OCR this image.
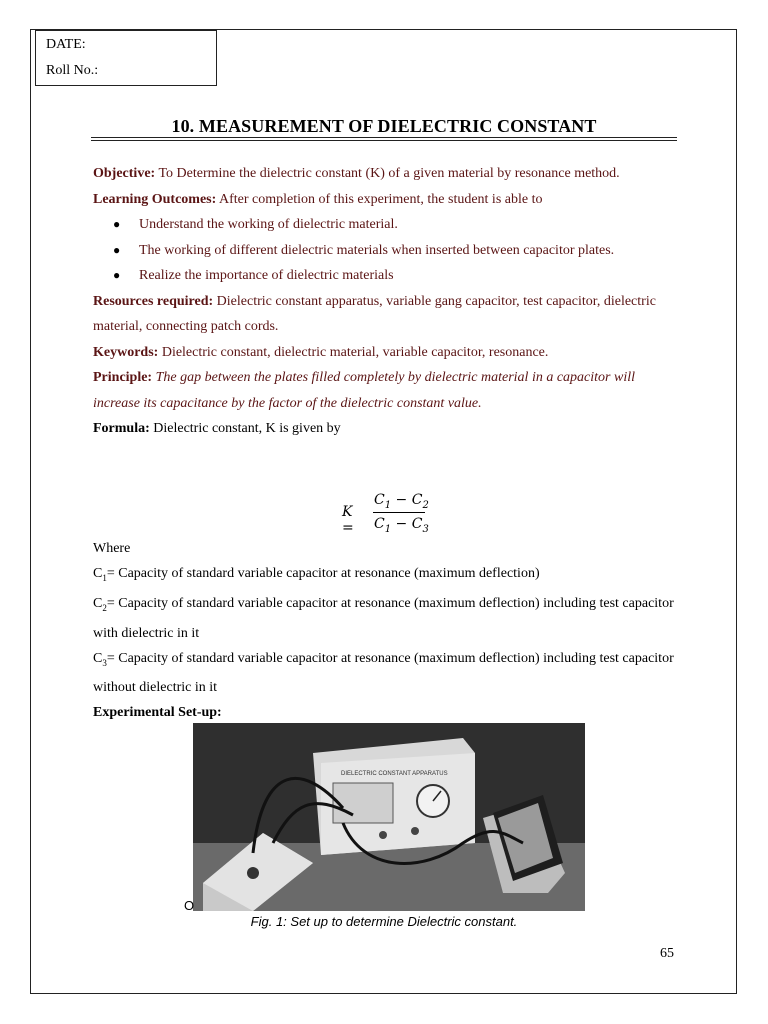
DATE:
Roll No.:
10. MEASUREMENT OF DIELECTRIC CONSTANT

Objective: To Determine the dielectric constant (K) of a given material by resonance method.

Learning Outcomes: After completion of this experiment, the student is able to

● Understand the working of dielectric material.
● The working of different dielectric materials when inserted between capacitor plates.
● Realize the importance of dielectric materials

Resources required: Dielectric constant apparatus, variable gang capacitor, test capacitor, dielectric material, connecting patch cords.

Keywords: Dielectric constant, dielectric material, variable capacitor, resonance.

Principle: The gap between the plates filled completely by dielectric material in a capacitor will increase its capacitance by the factor of the dielectric constant value.

Formula: Dielectric constant, K is given by

K =
$C_1 - C_2$
$C_1 - C_3$

Where

$C_1=$ Capacity of standard variable capacitor at resonance (maximum deflection)

$C_2=$ Capacity of standard variable capacitor at resonance (maximum deflection) including test capacitor with dielectric in it

$C_3=$ Capacity of standard variable capacitor at resonance (maximum deflection) including test capacitor without dielectric in it

Experimental Set-up:

DIELECTRIC CONSTANT APPARATUS
O
Fig. 1: Set up to determine Dielectric constant.
65
